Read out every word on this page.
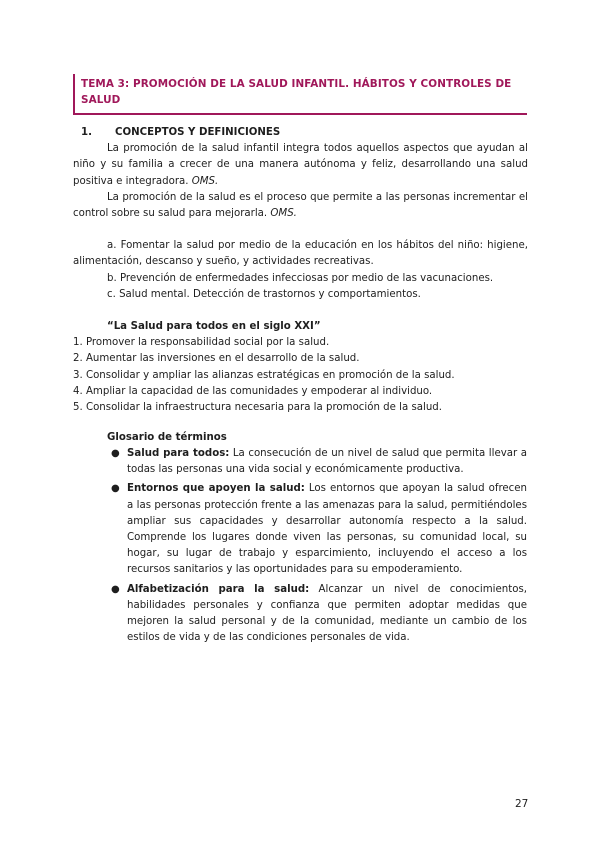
TEMA 3: PROMOCIÓN DE LA SALUD INFANTIL. HÁBITOS Y CONTROLES DE SALUD
1. CONCEPTOS Y DEFINICIONES
La promoción de la salud infantil integra todos aquellos aspectos que ayudan al niño y su familia a crecer de una manera autónoma y feliz, desarrollando una salud positiva e integradora. OMS.
La promoción de la salud es el proceso que permite a las personas incrementar el control sobre su salud para mejorarla. OMS.
a. Fomentar la salud por medio de la educación en los hábitos del niño: higiene, alimentación, descanso y sueño, y actividades recreativas.
b. Prevención de enfermedades infecciosas por medio de las vacunaciones.
c. Salud mental. Detección de trastornos y comportamientos.
“La Salud para todos en el siglo XXI”
1. Promover la responsabilidad social por la salud.
2. Aumentar las inversiones en el desarrollo de la salud.
3. Consolidar y ampliar las alianzas estratégicas en promoción de la salud.
4. Ampliar la capacidad de las comunidades y empoderar al individuo.
5. Consolidar la infraestructura necesaria para la promoción de la salud.
Glosario de términos
● Salud para todos: La consecución de un nivel de salud que permita llevar a todas las personas una vida social y económicamente productiva.
● Entornos que apoyen la salud: Los entornos que apoyan la salud ofrecen a las personas protección frente a las amenazas para la salud, permitiéndoles ampliar sus capacidades y desarrollar autonomía respecto a la salud. Comprende los lugares donde viven las personas, su comunidad local, su hogar, su lugar de trabajo y esparcimiento, incluyendo el acceso a los recursos sanitarios y las oportunidades para su empoderamiento.
● Alfabetización para la salud: Alcanzar un nivel de conocimientos, habilidades personales y confianza que permiten adoptar medidas que mejoren la salud personal y de la comunidad, mediante un cambio de los estilos de vida y de las condiciones personales de vida.
27
